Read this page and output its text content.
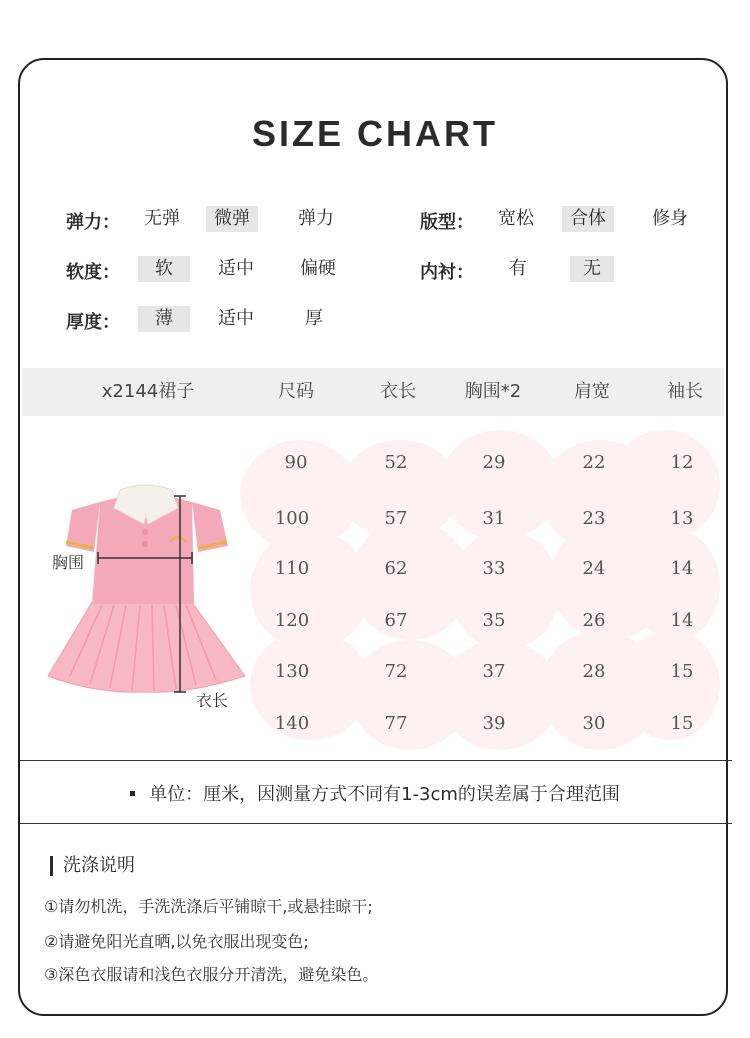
SIZE CHART
弹力：	无弹	微弹	弹力
软度：	软	适中	偏硬
厚度：	薄	适中	厚
版型：	宽松	合体	修身
内衬：	有	无
x2144裙子	尺码	衣长	胸围*2	肩宽	袖长
90	52	29	22	12
100	57	31	23	13
110	62	33	24	14
120	67	35	26	14
130	72	37	28	15
140	77	39	30	15
胸围
衣长
单位：厘米，因测量方式不同有1-3cm的误差属于合理范围
洗涤说明
①请勿机洗，手洗洗涤后平铺晾干,或悬挂晾干;
②请避免阳光直晒,以免衣服出现变色;
③深色衣服请和浅色衣服分开清洗，避免染色。
